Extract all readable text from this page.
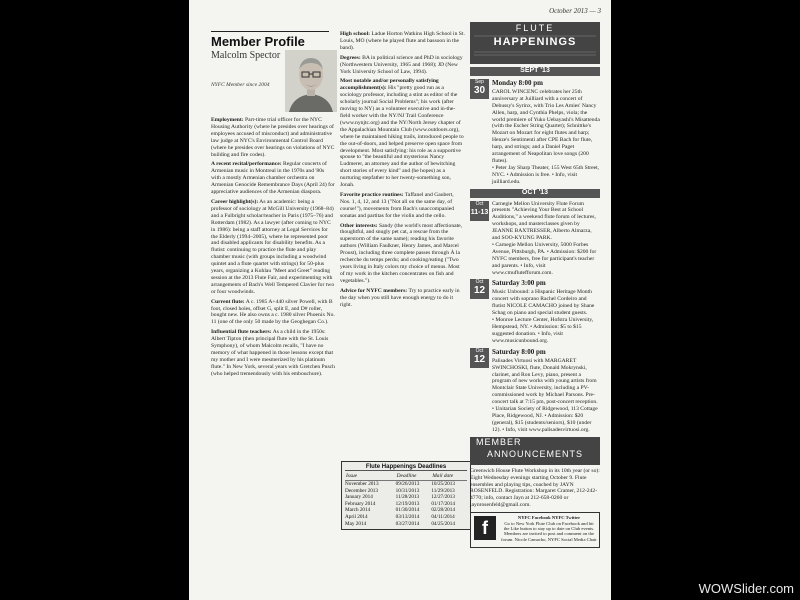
October 2013 — 3
Member Profile
Malcolm Spector
NYFC Member since 2004

Employment: Part-time trial officer for the NYC Housing Authority (where he presides over hearings of employees accused of misconduct) and administrative law judge at NYC's Environmental Control Board (where he presides over hearings on violations of NYC building and fire codes).

A recent recital/performance: Regular concerts of Armenian music in Montreal in the 1970s and '80s with a mostly Armenian chamber orchestra on Armenian Genocide Remembrance Days (April 24) for appreciative audiences of the Armenian diaspora.

Career highlight(s): As an academic: being a professor of sociology at McGill University (1968–84) and a Fulbright scholar/teacher in Paris (1975–76) and Rotterdam (1982). As a lawyer (after coming to NYC in 1986): being a staff attorney at Legal Services for the Elderly (1994–2005), where he represented poor and disabled applicants for disability benefits. As a flutist: continuing to practice the flute and play chamber music (with groups including a woodwind quintet and a flute quartet with strings) for 50-plus years, organizing a Kuhlau "Meet and Greet" reading session at the 2013 Flute Fair, and experimenting with arrangements of Bach's Well Tempered Clavier for two or four woodwinds.

Current flute: A c. 1985 A+440 silver Powell, with B foot, closed holes, offset G, split E, and D# roller, bought new. He also owns a c. 1980 silver Phoenix No. 11 (one of the only 50 made by the Geoghegan Co.).

Influential flute teachers: As a child in the 1950s: Albert Tipton (then principal flute with the St. Louis Symphony), of whom Malcolm recalls, "I have no memory of what happened in those lessons except that my mother and I were mesmerized by his platinum flute." In New York, several years with Gretchen Pusch (who helped tremendously with his embouchure).

High school: Ladue Horton Watkins High School in St. Louis, MO (where he played flute and bassoon in the band).

Degrees: BA in political science and PhD in sociology (Northwestern University, 1965 and 1968); JD (New York University School of Law, 1994).

Most notable and/or personally satisfying accomplishment(s): His "pretty good run as a sociology professor, including a stint as editor of the scholarly journal Social Problems"; his work (after moving to NY) as a volunteer executive and in-the-field worker with the NY/NJ Trail Conference (www.nynjtc.org) and the NY/North Jersey chapter of the Appalachian Mountain Club (www.outdoors.org), where he maintained hiking trails, introduced people to the out-of-doors, and helped preserve open space from development. Most satisfying: his role as a supportive spouse to "the beautiful and mysterious Nancy Ludmerer, an attorney and the author of bewitching short stories of every kind" and (he hopes) as a nurturing stepfather to her twenty-something son, Jonah.

Favorite practice routines: Taffanel and Gaubert, Nos. 1, 4, 12, and 13 ("Not all on the same day, of course!"), movements from Bach's unaccompanied sonatas and partitas for the violin and the cello.

Other interests: Sandy (the world's most affectionate, thoughtful, and snugly pet cat, a rescue from the superstorm of the same name); reading his favorite authors (William Faulkner, Henry James, and Marcel Proust), including three complete passes through À la recherche du temps perdu; and cooking/eating ("Two years living in Italy colors my choice of menus. Most of my work in the kitchen concentrates on fish and vegetables.").

Advice for NYFC members: Try to practice early in the day when you still have enough energy to do it right.

Flute Happenings Deadlines
Issue	Deadline	Mail date
November 2013	09/26/2013	10/25/2013
December 2013	10/31/2013	11/29/2013
January 2014	11/28/2013	12/27/2013
February 2014	12/19/2013	01/17/2014
March 2014	01/30/2014	02/28/2014
April 2014	03/13/2014	04/11/2014
May 2014	03/27/2014	04/25/2014
FLUTE
HAPPENINGS
SEPT '13
Sep
30
Monday 8:00 pm
CAROL WINCENC celebrates her 25th anniversary at Juilliard with a concert of Debussy's Syrinx, with Trio Les Amies' Nancy Allen, harp, and Cynthia Phelps, viola; the world premiere of Yuko Uebayashi's Misattenda (with the Escher String Quartet); Schnittke's Mozart on Mozart for eight flutes and harp; Henze's Sentimenti after CPE Bach for flute, harp, and strings; and a Daniel Paget arrangement of Neapolitan love songs (200 flutes).
• Peter Jay Sharp Theater, 155 West 65th Street, NYC. • Admission is free. • Info, visit juilliard.edu.
OCT '13
Oct
11-13
Carnegie Mellon University Flute Forum presents "Achieving Your Best at School Auditions," a weekend flute forum of lectures, workshops, and masterclasses given by JEANNE BAXTRESSER, Alberto Almarza, and SOO-KYUNG PARK.
• Carnegie Mellon University, 5000 Forbes Avenue, Pittsburgh, PA. • Admission: $200 for NYFC members, free for participant's teacher and parents. • Info, visit www.cmuflutefforum.com.
Oct
12
Saturday 3:00 pm
Music Unbound: a Hispanic Heritage Month concert with soprano Rachel Cordeiro and flutist NICOLE CAMACHO joined by Shane Schag on piano and special student guests.
• Monroe Lecture Center, Hofstra University, Hempstead, NY. • Admission: $5 to $15 suggested donation. • Info, visit www.musicunbound.org.
Oct
12
Saturday 8:00 pm
Palisades Virtuosi with MARGARET SWINCHOSKI, flute, Donald Mokrynski, clarinet, and Ron Levy, piano, present a program of new works with young artists from Montclair State University, including a PV-commissioned work by Michael Parsons. Pre-concert talk at 7:15 pm, post-concert reception.
• Unitarian Society of Ridgewood, 113 Cottage Place, Ridgewood, NJ. • Admission: $20 (general), $15 (students/seniors), $10 (under 12). • Info, visit www.palisadesvirtuosi.org.
MEMBER
ANNOUNCEMENTS
Greenwich House Flute Workshop in its 10th year (or so): Eight Wednesday evenings starting October 9. Flute ensembles and playing tips, coached by JAYN ROSENFELD. Registration: Margaret Cramer, 212-242-4770; info, contact Jayn at 212-658-0260 or jaynrosenfeld@gmail.com.
f
NYFC Facebook NYFC Twitter
Go to New York Flute Club on Facebook and hit the Like button to stay up to date on Club events. Members are invited to post and comment on the forum. Nicole Camacho, NYFC Social Media Chair
WOWSlider.com
